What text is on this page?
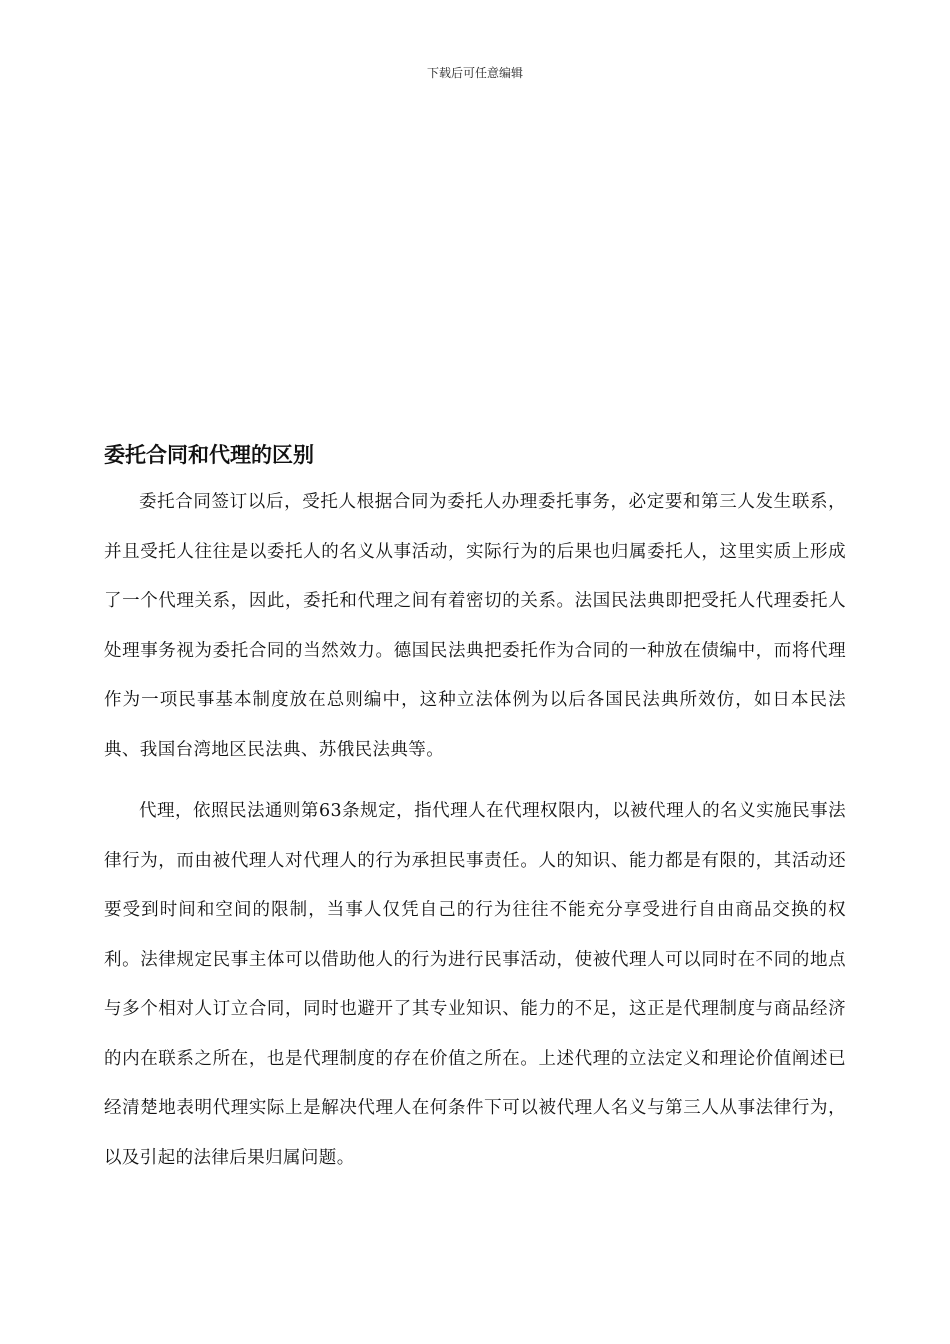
下载后可任意编辑
委托合同和代理的区别

委托合同签订以后，受托人根据合同为委托人办理委托事务，必定要和第三人发生联系，并且受托人往往是以委托人的名义从事活动，实际行为的后果也归属委托人，这里实质上形成了一个代理关系，因此，委托和代理之间有着密切的关系。法国民法典即把受托人代理委托人处理事务视为委托合同的当然效力。德国民法典把委托作为合同的一种放在债编中，而将代理作为一项民事基本制度放在总则编中，这种立法体例为以后各国民法典所效仿，如日本民法典、我国台湾地区民法典、苏俄民法典等。

代理，依照民法通则第63条规定，指代理人在代理权限内，以被代理人的名义实施民事法律行为，而由被代理人对代理人的行为承担民事责任。人的知识、能力都是有限的，其活动还要受到时间和空间的限制，当事人仅凭自己的行为往往不能充分享受进行自由商品交换的权利。法律规定民事主体可以借助他人的行为进行民事活动，使被代理人可以同时在不同的地点与多个相对人订立合同，同时也避开了其专业知识、能力的不足，这正是代理制度与商品经济的内在联系之所在，也是代理制度的存在价值之所在。上述代理的立法定义和理论价值阐述已经清楚地表明代理实际上是解决代理人在何条件下可以被代理人名义与第三人从事法律行为，以及引起的法律后果归属问题。
